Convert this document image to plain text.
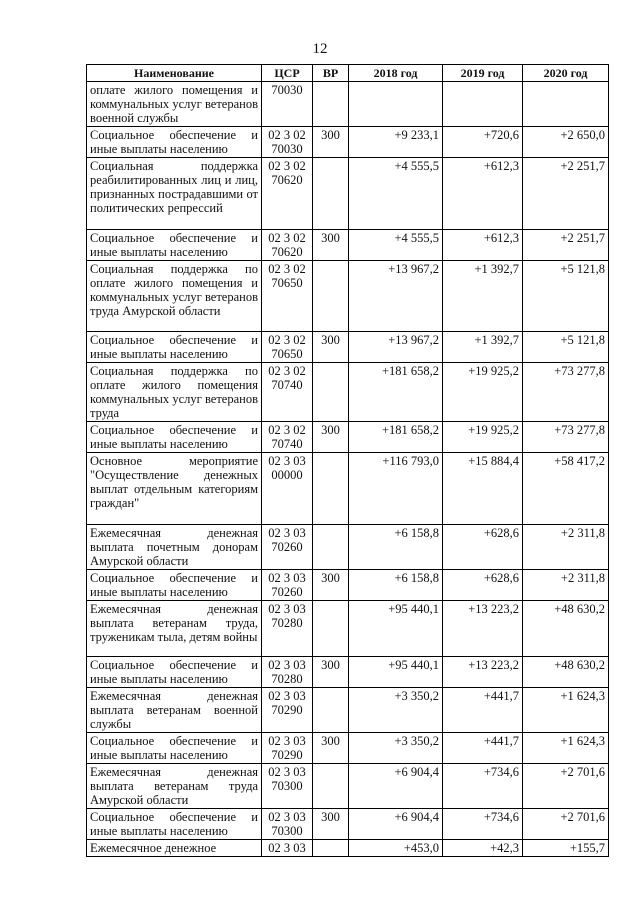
12
Наименование	ЦСР	ВР	2018 год	2019 год	2020 год
оплате жилого помещения и коммунальных услуг ветеранов военной службы	70030				
Социальное обеспечение и иные выплаты населению	02 3 02 70030	300	+9 233,1	+720,6	+2 650,0
Социальная поддержка реабилитированных лиц и лиц, признанных пострадавшими от политических репрессий	02 3 02 70620		+4 555,5	+612,3	+2 251,7
Социальное обеспечение и иные выплаты населению	02 3 02 70620	300	+4 555,5	+612,3	+2 251,7
Социальная поддержка по оплате жилого помещения и коммунальных услуг ветеранов труда Амурской области	02 3 02 70650		+13 967,2	+1 392,7	+5 121,8
Социальное обеспечение и иные выплаты населению	02 3 02 70650	300	+13 967,2	+1 392,7	+5 121,8
Социальная поддержка по оплате жилого помещения коммунальных услуг ветеранов труда	02 3 02 70740		+181 658,2	+19 925,2	+73 277,8
Социальное обеспечение и иные выплаты населению	02 3 02 70740	300	+181 658,2	+19 925,2	+73 277,8
Основное мероприятие "Осуществление денежных выплат отдельным категориям граждан"	02 3 03 00000		+116 793,0	+15 884,4	+58 417,2
Ежемесячная денежная выплата почетным донорам Амурской области	02 3 03 70260		+6 158,8	+628,6	+2 311,8
Социальное обеспечение и иные выплаты населению	02 3 03 70260	300	+6 158,8	+628,6	+2 311,8
Ежемесячная денежная выплата ветеранам труда, труженикам тыла, детям войны	02 3 03 70280		+95 440,1	+13 223,2	+48 630,2
Социальное обеспечение и иные выплаты населению	02 3 03 70280	300	+95 440,1	+13 223,2	+48 630,2
Ежемесячная денежная выплата ветеранам военной службы	02 3 03 70290		+3 350,2	+441,7	+1 624,3
Социальное обеспечение и иные выплаты населению	02 3 03 70290	300	+3 350,2	+441,7	+1 624,3
Ежемесячная денежная выплата ветеранам труда Амурской области	02 3 03 70300		+6 904,4	+734,6	+2 701,6
Социальное обеспечение и иные выплаты населению	02 3 03 70300	300	+6 904,4	+734,6	+2 701,6
Ежемесячное денежное	02 3 03		+453,0	+42,3	+155,7
